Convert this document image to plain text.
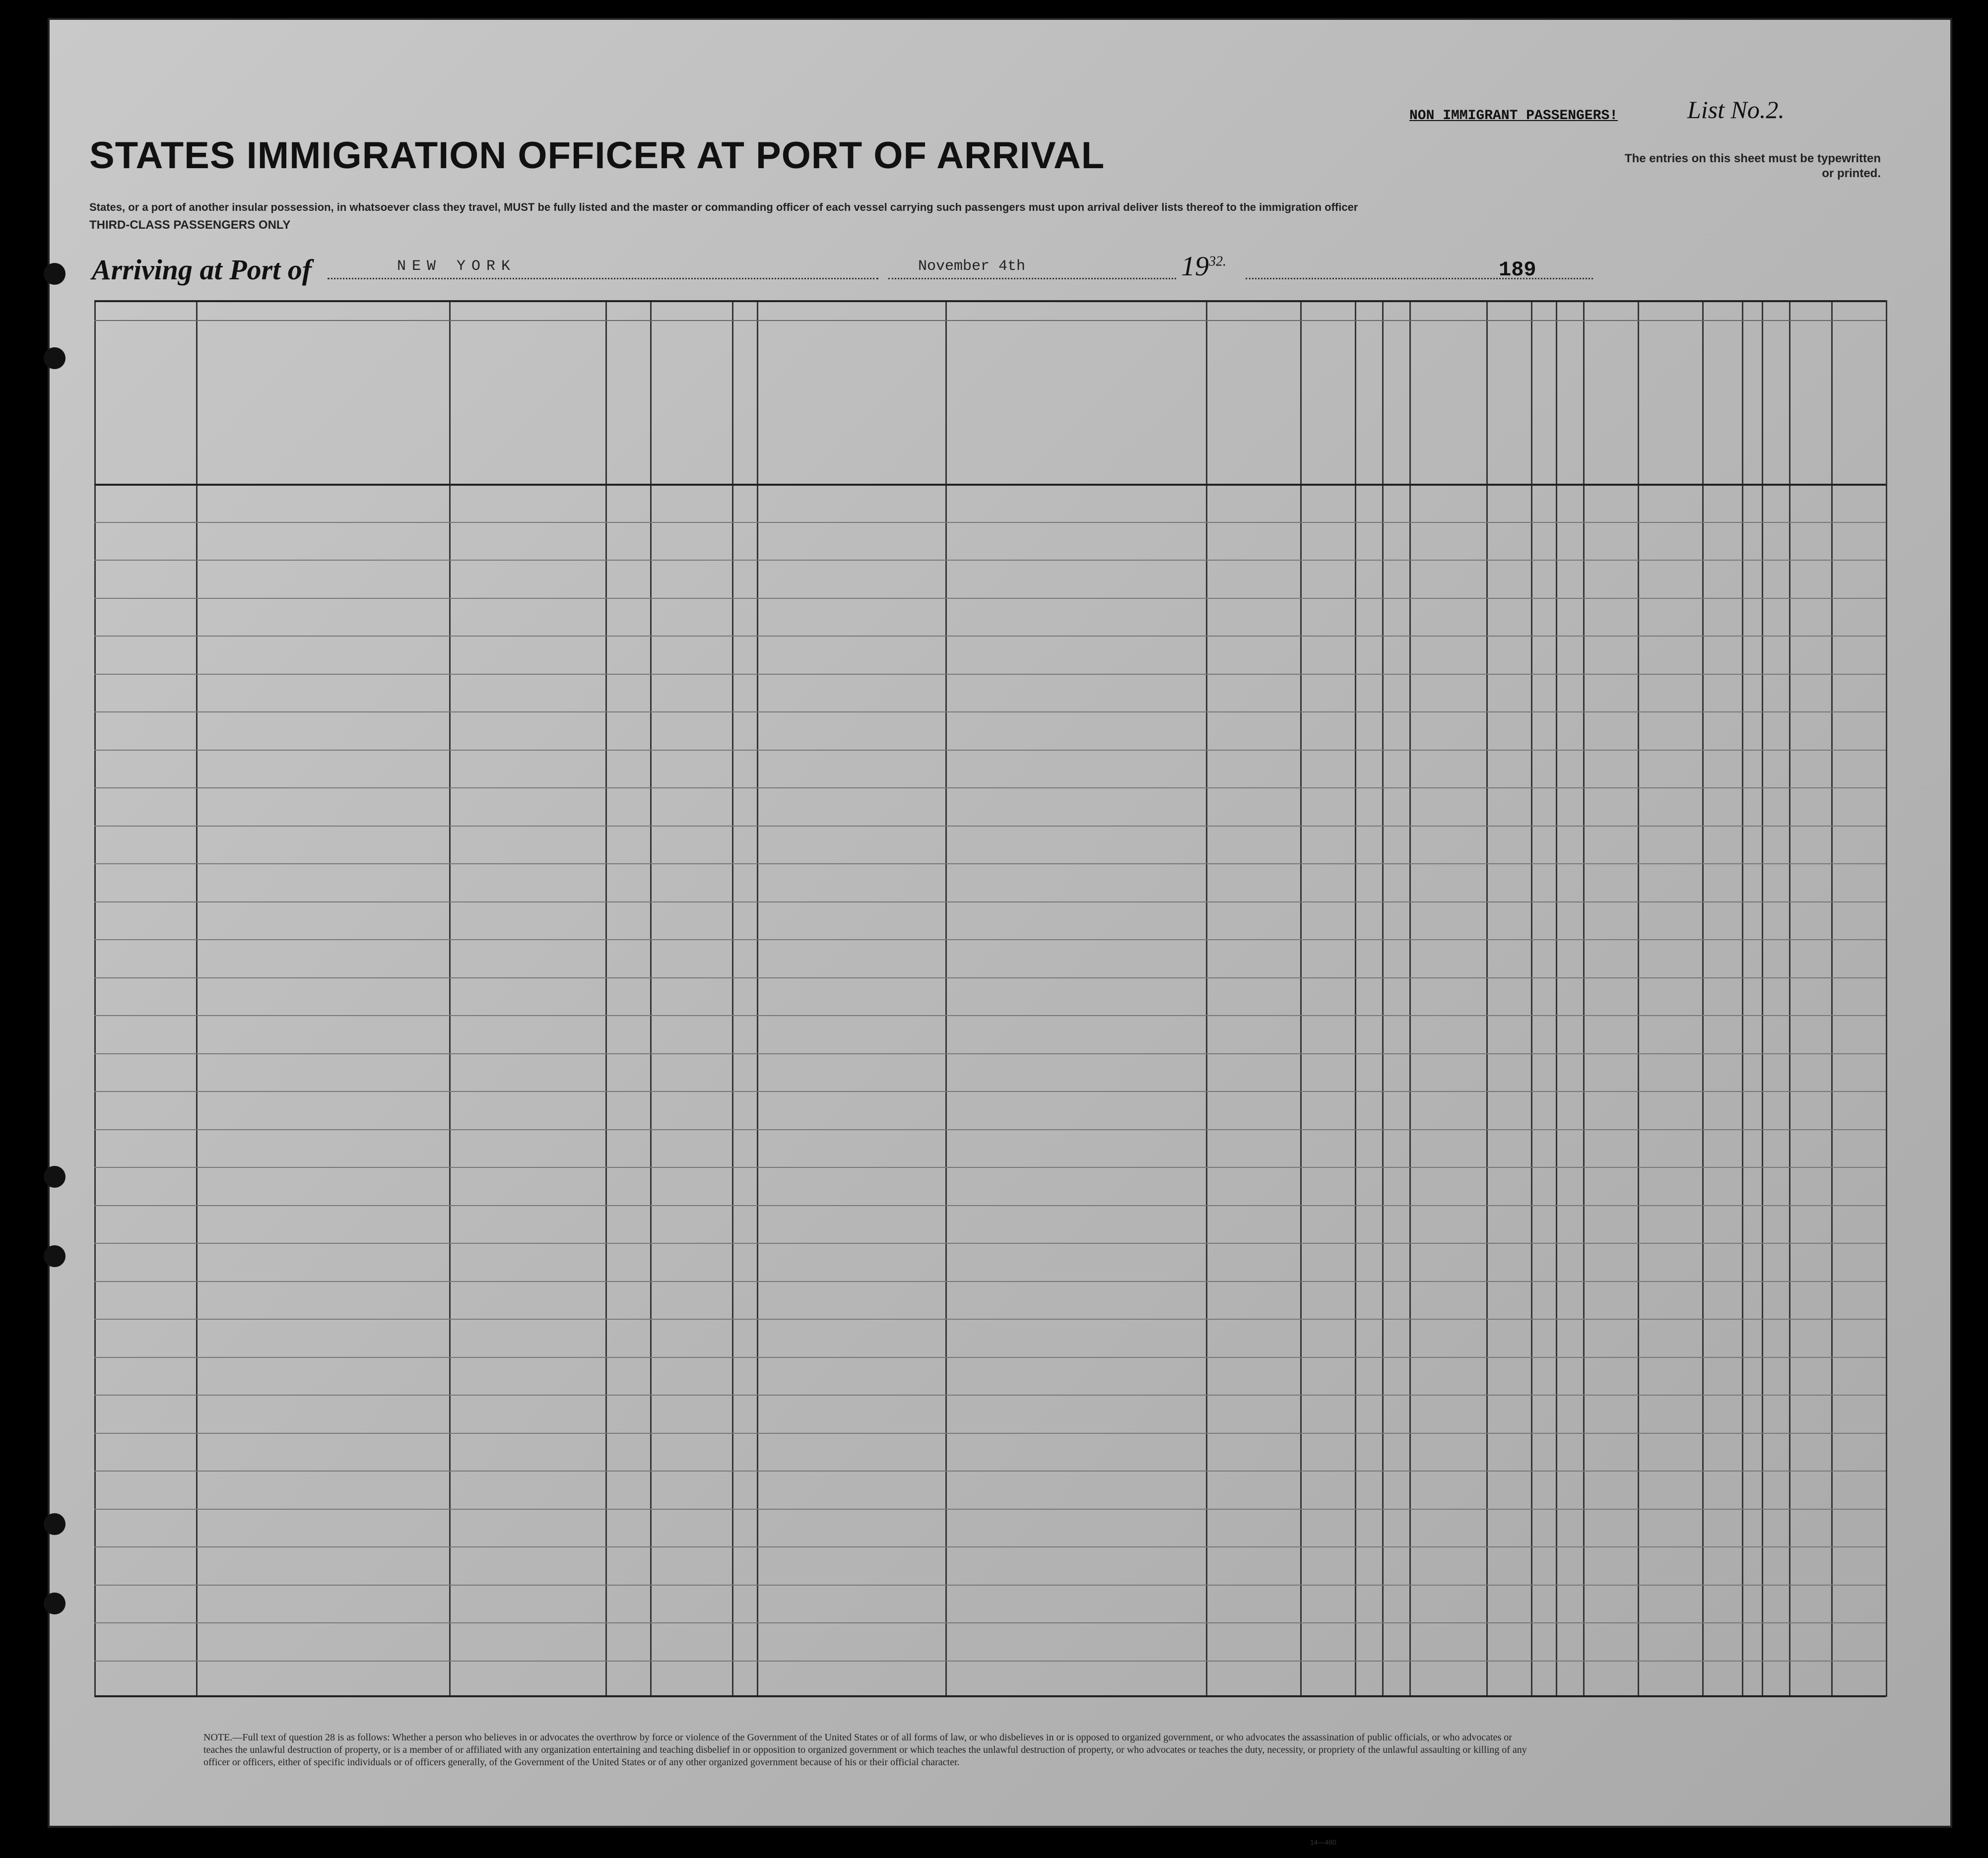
STATES IMMIGRATION OFFICER AT PORT OF ARRIVAL
States, or a port of another insular possession, in whatsoever class they travel, MUST be fully listed and the master or commanding officer of each vessel carrying such passengers must upon arrival deliver lists thereof to the immigration officer
THIRD-CLASS PASSENGERS ONLY
NON IMMIGRANT PASSENGERS!	List No.2.
The entries on this sheet must be typewritten or printed.
Arriving at Port of	NEW YORK	November 4th	$19^{32.}$	189
NOTE.—Full text of question 28 is as follows: Whether a person who believes in or advocates the overthrow by force or violence of the Government of the United States or of all forms of law, or who disbelieves in or is opposed to organized government, or who advocates the assassination of public officials, or who advocates or teaches the unlawful destruction of property, or is a member of or affiliated with any organization entertaining and teaching disbelief in or opposition to organized government or which teaches the unlawful destruction of property, or who advocates or teaches the duty, necessity, or propriety of the unlawful assaulting or killing of any officer or officers, either of specific individuals or of officers generally, of the Government of the United States or of any other organized government because of his or their official character.
14—480
